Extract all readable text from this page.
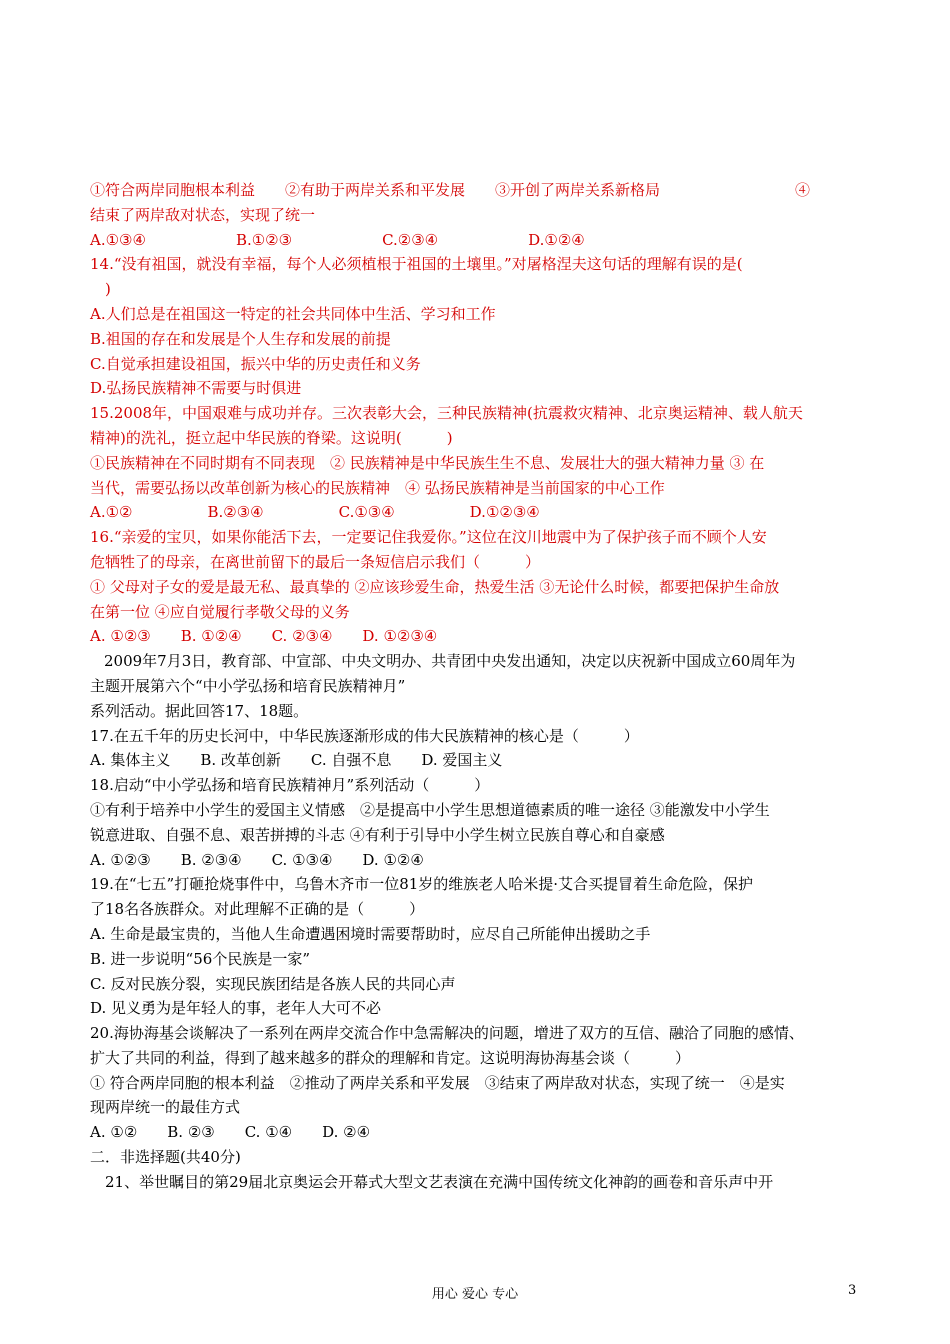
①符合两岸同胞根本利益　　②有助于两岸关系和平发展　　③开创了两岸关系新格局　　　　　　　　　④
结束了两岸敌对状态，实现了统一
A.①③④　　　　　　B.①②③　　　　　　C.②③④　　　　　　D.①②④
14.“没有祖国，就没有幸福，每个人必须植根于祖国的土壤里。”对屠格涅夫这句话的理解有误的是(
　)
A.人们总是在祖国这一特定的社会共同体中生活、学习和工作
B.祖国的存在和发展是个人生存和发展的前提
C.自觉承担建设祖国，振兴中华的历史责任和义务
D.弘扬民族精神不需要与时俱进
15.2008年，中国艰难与成功并存。三次表彰大会，三种民族精神(抗震救灾精神、北京奥运精神、载人航天
精神)的洗礼，挺立起中华民族的脊梁。这说明(　　　)
①民族精神在不同时期有不同表现　② 民族精神是中华民族生生不息、发展壮大的强大精神力量 ③ 在
当代，需要弘扬以改革创新为核心的民族精神　④ 弘扬民族精神是当前国家的中心工作
A.①②　　　　　B.②③④　　　　　C.①③④　　　　　D.①②③④
16.“亲爱的宝贝，如果你能活下去，一定要记住我爱你。”这位在汶川地震中为了保护孩子而不顾个人安
危牺牲了的母亲，在离世前留下的最后一条短信启示我们（　　　）
① 父母对子女的爱是最无私、最真挚的 ②应该珍爱生命，热爱生活 ③无论什么时候，都要把保护生命放
在第一位 ④应自觉履行孝敬父母的义务
A. ①②③　　B. ①②④　　C. ②③④　　D. ①②③④
2009年7月3日，教育部、中宣部、中央文明办、共青团中央发出通知，决定以庆祝新中国成立60周年为
主题开展第六个“中小学弘扬和培育民族精神月”
系列活动。据此回答17、18题。
17.在五千年的历史长河中，中华民族逐渐形成的伟大民族精神的核心是（　　　）
A. 集体主义　　B. 改革创新　　C. 自强不息　　D. 爱国主义
18.启动“中小学弘扬和培育民族精神月”系列活动（　　　）
①有利于培养中小学生的爱国主义情感　②是提高中小学生思想道德素质的唯一途径 ③能激发中小学生
锐意进取、自强不息、艰苦拼搏的斗志 ④有利于引导中小学生树立民族自尊心和自豪感
A. ①②③　　B. ②③④　　C. ①③④　　D. ①②④
19.在“七五”打砸抢烧事件中，乌鲁木齐市一位81岁的维族老人哈米提·艾合买提冒着生命危险，保护
了18名各族群众。对此理解不正确的是（　　　）
A. 生命是最宝贵的，当他人生命遭遇困境时需要帮助时，应尽自己所能伸出援助之手
B. 进一步说明“56个民族是一家”
C. 反对民族分裂，实现民族团结是各族人民的共同心声
D. 见义勇为是年轻人的事，老年人大可不必
20.海协海基会谈解决了一系列在两岸交流合作中急需解决的问题，增进了双方的互信、融洽了同胞的感情、
扩大了共同的利益，得到了越来越多的群众的理解和肯定。这说明海协海基会谈（　　　）
① 符合两岸同胞的根本利益　②推动了两岸关系和平发展　③结束了两岸敌对状态，实现了统一　④是实
现两岸统一的最佳方式
A. ①②　　B. ②③　　C. ①④　　D. ②④
二．非选择题(共40分)
　21、举世瞩目的第29届北京奥运会开幕式大型文艺表演在充满中国传统文化神韵的画卷和音乐声中开
用心 爱心 专心	3
